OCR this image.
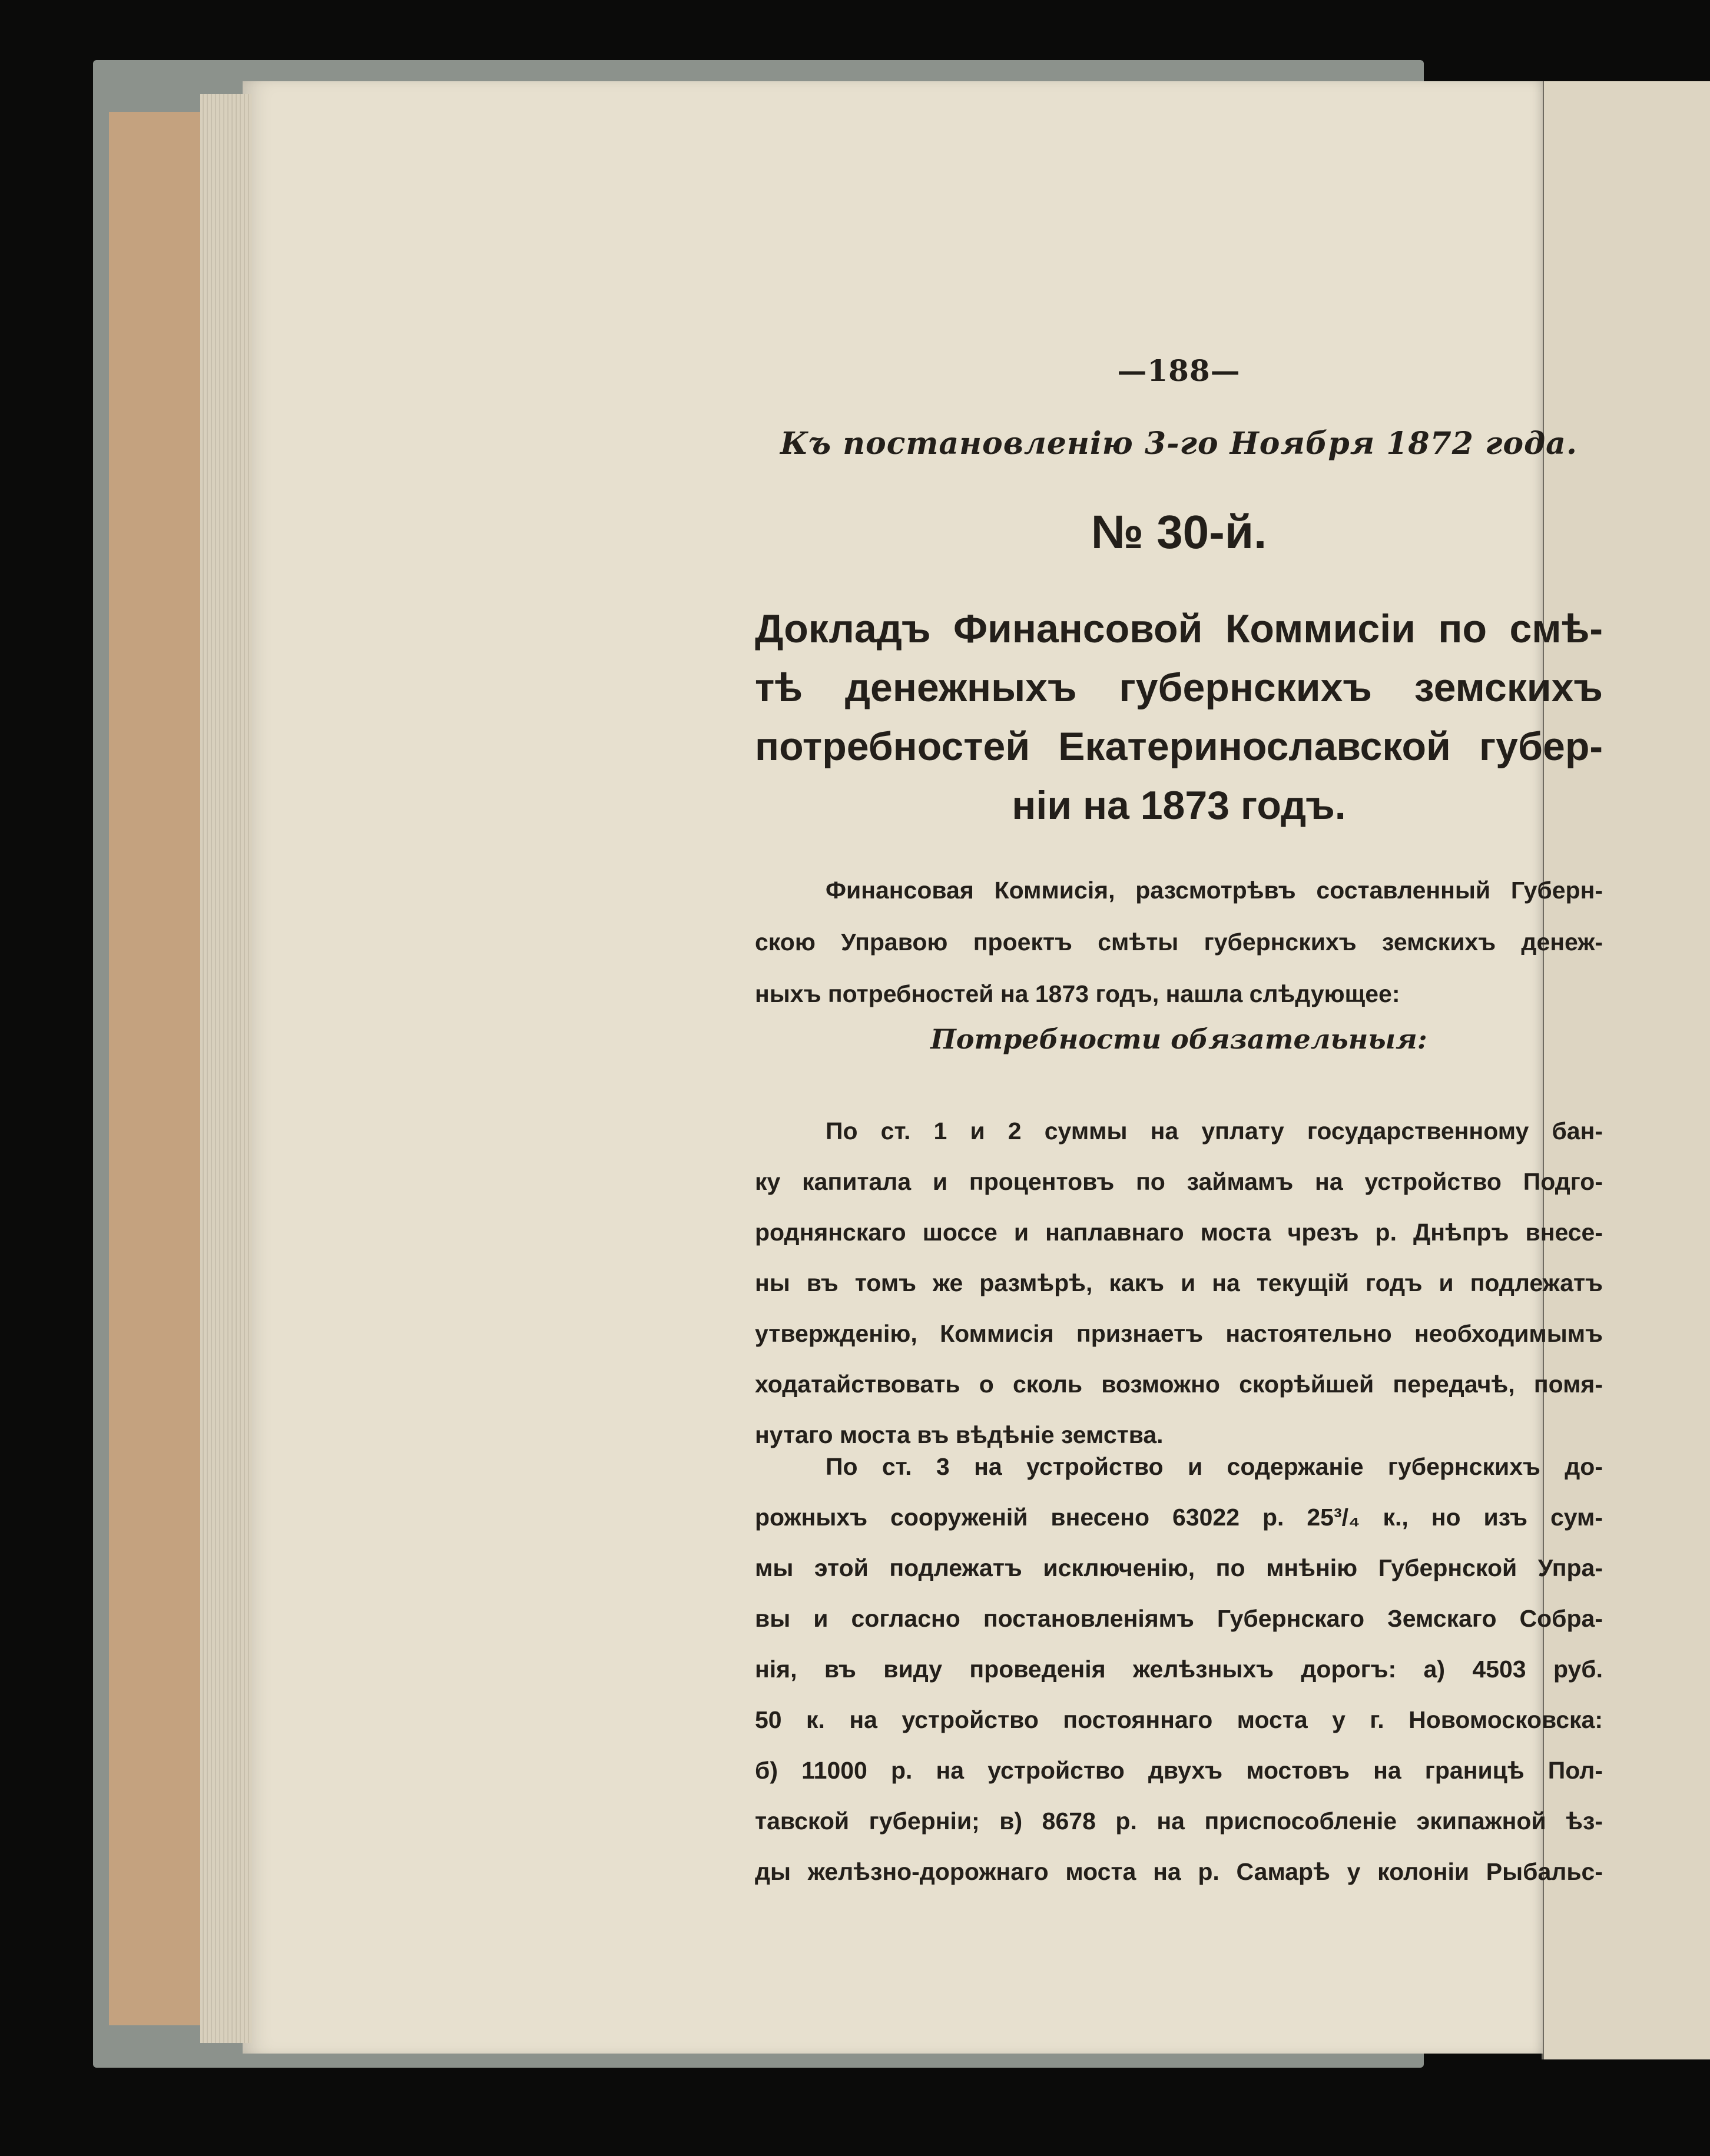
—188—
Къ постановленію 3-го Ноября 1872 года.
№ 30-й.
Докладъ Финансовой Коммисіи по смѣ-
тѣ денежныхъ губернскихъ земскихъ
потребностей Екатеринославской губер-
ніи на 1873 годъ.
Финансовая Коммисія, разсмотрѣвъ составленный Губерн-
скою Управою проектъ смѣты губернскихъ земскихъ денеж-
ныхъ потребностей на 1873 годъ, нашла слѣдующее:
Потребности обязательныя:
По ст. 1 и 2 суммы на уплату государственному бан-
ку капитала и процентовъ по займамъ на устройство Подго-
роднянскаго шоссе и наплавнаго моста чрезъ р. Днѣпръ внесе-
ны въ томъ же размѣрѣ, какъ и на текущій годъ и подлежатъ
утвержденію, Коммисія признаетъ настоятельно необходимымъ
ходатайствовать о сколь возможно скорѣйшей передачѣ, помя-
нутаго моста въ вѣдѣніе земства.
По ст. 3 на устройство и содержаніе губернскихъ до-
рожныхъ сооруженій внесено 63022 р. 25³/₄ к., но изъ сум-
мы этой подлежатъ исключенію, по мнѣнію Губернской Упра-
вы и согласно постановленіямъ Губернскаго Земскаго Собра-
нія, въ виду проведенія желѣзныхъ дорогъ: а) 4503 руб.
50 к. на устройство постояннаго моста у г. Новомосковска:
б) 11000 р. на устройство двухъ мостовъ на границѣ Пол-
тавской губерніи; в) 8678 р. на приспособленіе экипажной ѣз-
ды желѣзно-дорожнаго моста на р. Самарѣ у колоніи Рыбальс-
